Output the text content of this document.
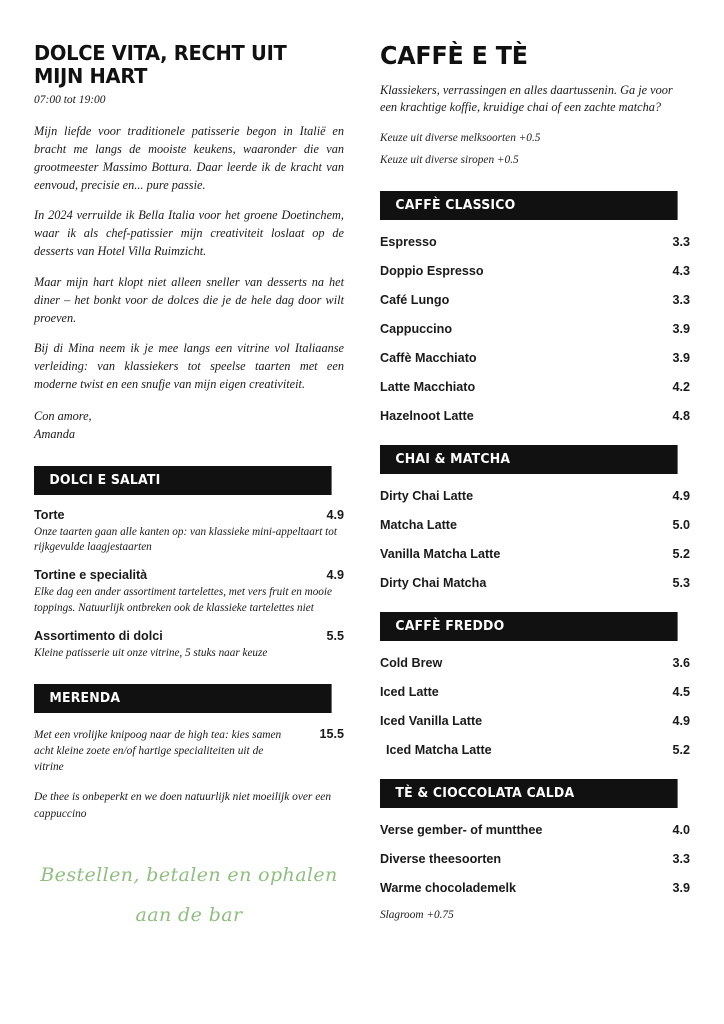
DOLCE VITA, RECHT UIT MIJN HART
07:00 tot 19:00

Mijn liefde voor traditionele patisserie begon in Italië en bracht me langs de mooiste keukens, waaronder die van grootmeester Massimo Bottura. Daar leerde ik de kracht van eenvoud, precisie en... pure passie.

In 2024 verruilde ik Bella Italia voor het groene Doetinchem, waar ik als chef-patissier mijn creativiteit loslaat op de desserts van Hotel Villa Ruimzicht.

Maar mijn hart klopt niet alleen sneller van desserts na het diner – het bonkt voor de dolces die je de hele dag door wilt proeven.

Bij di Mina neem ik je mee langs een vitrine vol Italiaanse verleiding: van klassiekers tot speelse taarten met een moderne twist en een snufje van mijn eigen creativiteit.

Con amore,
Amanda
DOLCI E SALATI
Torte	4.9
Onze taarten gaan alle kanten op: van klassieke mini-appeltaart tot rijkgevulde laagjestaarten
Tortine e specialità	4.9
Elke dag een ander assortiment tartelettes, met vers fruit en mooie toppings. Natuurlijk ontbreken ook de klassieke tartelettes niet
Assortimento di dolci	5.5
Kleine patisserie uit onze vitrine, 5 stuks naar keuze
MERENDA
Met een vrolijke knipoog naar de high tea: kies samen acht kleine zoete en/of hartige specialiteiten uit de vitrine
15.5
De thee is onbeperkt en we doen natuurlijk niet moeilijk over een cappuccino
Bestellen, betalen en ophalen
aan de bar
CAFFÈ E TÈ
Klassiekers, verrassingen en alles daartussenin. Ga je voor een krachtige koffie, kruidige chai of een zachte matcha?
Keuze uit diverse melksoorten +0.5
Keuze uit diverse siropen +0.5
CAFFÈ CLASSICO
Espresso	3.3
Doppio Espresso	4.3
Café Lungo	3.3
Cappuccino	3.9
Caffè Macchiato	3.9
Latte Macchiato	4.2
Hazelnoot Latte	4.8
CHAI & MATCHA
Dirty Chai Latte	4.9
Matcha Latte	5.0
Vanilla Matcha Latte	5.2
Dirty Chai Matcha	5.3
CAFFÈ FREDDO
Cold Brew	3.6
Iced Latte	4.5
Iced Vanilla Latte	4.9
Iced Matcha Latte	5.2
TÈ & CIOCCOLATA CALDA
Verse gember- of muntthee	4.0
Diverse theesoorten	3.3
Warme chocolademelk	3.9
Slagroom +0.75
